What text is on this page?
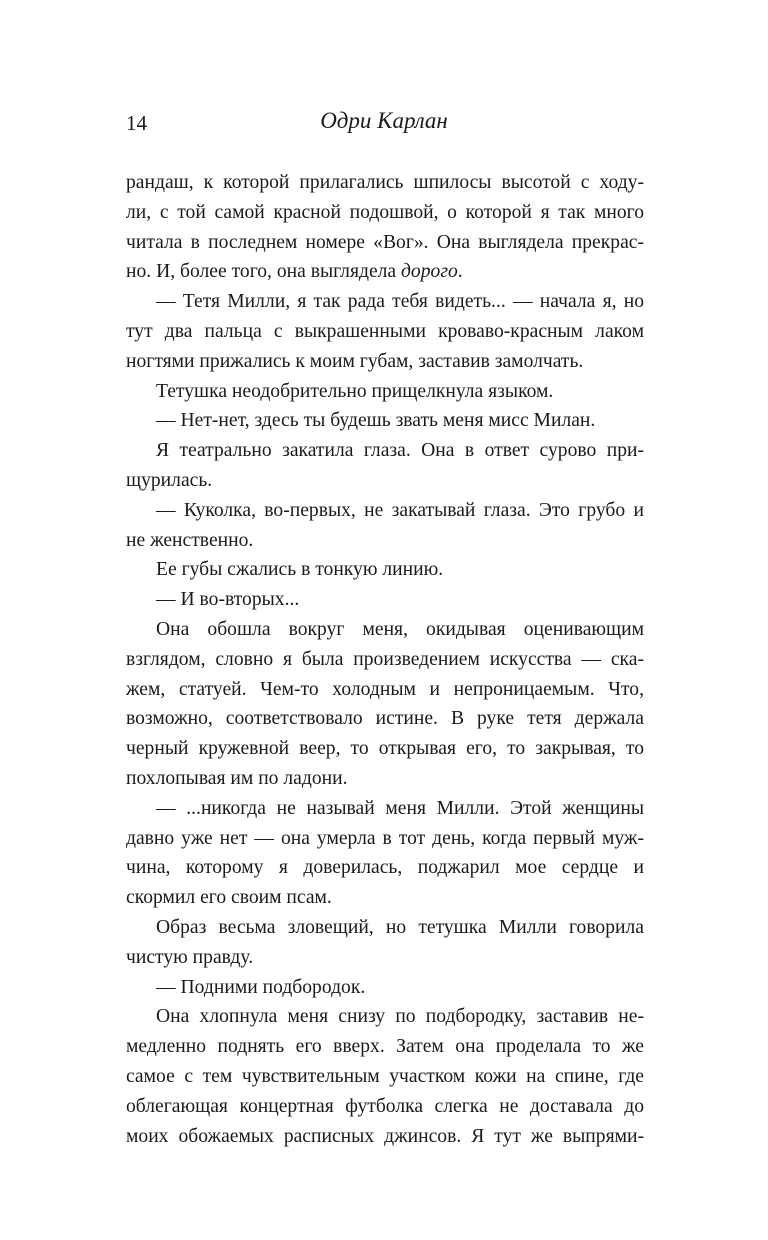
14	Одри Карлан
рандаш, к которой прилагались шпилосы высотой с ходу-
ли, с той самой красной подошвой, о которой я так много
читала в последнем номере «Вог». Она выглядела прекрас-
но. И, более того, она выглядела дорого.
— Тетя Милли, я так рада тебя видеть... — начала я, но
тут два пальца с выкрашенными кроваво-красным лаком
ногтями прижались к моим губам, заставив замолчать.
Тетушка неодобрительно прищелкнула языком.
— Нет-нет, здесь ты будешь звать меня мисс Милан.
Я театрально закатила глаза. Она в ответ сурово при-
щурилась.
— Куколка, во-первых, не закатывай глаза. Это грубо и
не женственно.
Ее губы сжались в тонкую линию.
— И во-вторых...
Она обошла вокруг меня, окидывая оценивающим
взглядом, словно я была произведением искусства — ска-
жем, статуей. Чем-то холодным и непроницаемым. Что,
возможно, соответствовало истине. В руке тетя держала
черный кружевной веер, то открывая его, то закрывая, то
похлопывая им по ладони.
— ...никогда не называй меня Милли. Этой женщины
давно уже нет — она умерла в тот день, когда первый муж-
чина, которому я доверилась, поджарил мое сердце и
скормил его своим псам.
Образ весьма зловещий, но тетушка Милли говорила
чистую правду.
— Подними подбородок.
Она хлопнула меня снизу по подбородку, заставив не-
медленно поднять его вверх. Затем она проделала то же
самое с тем чувствительным участком кожи на спине, где
облегающая концертная футболка слегка не доставала до
моих обожаемых расписных джинсов. Я тут же выпрями-
